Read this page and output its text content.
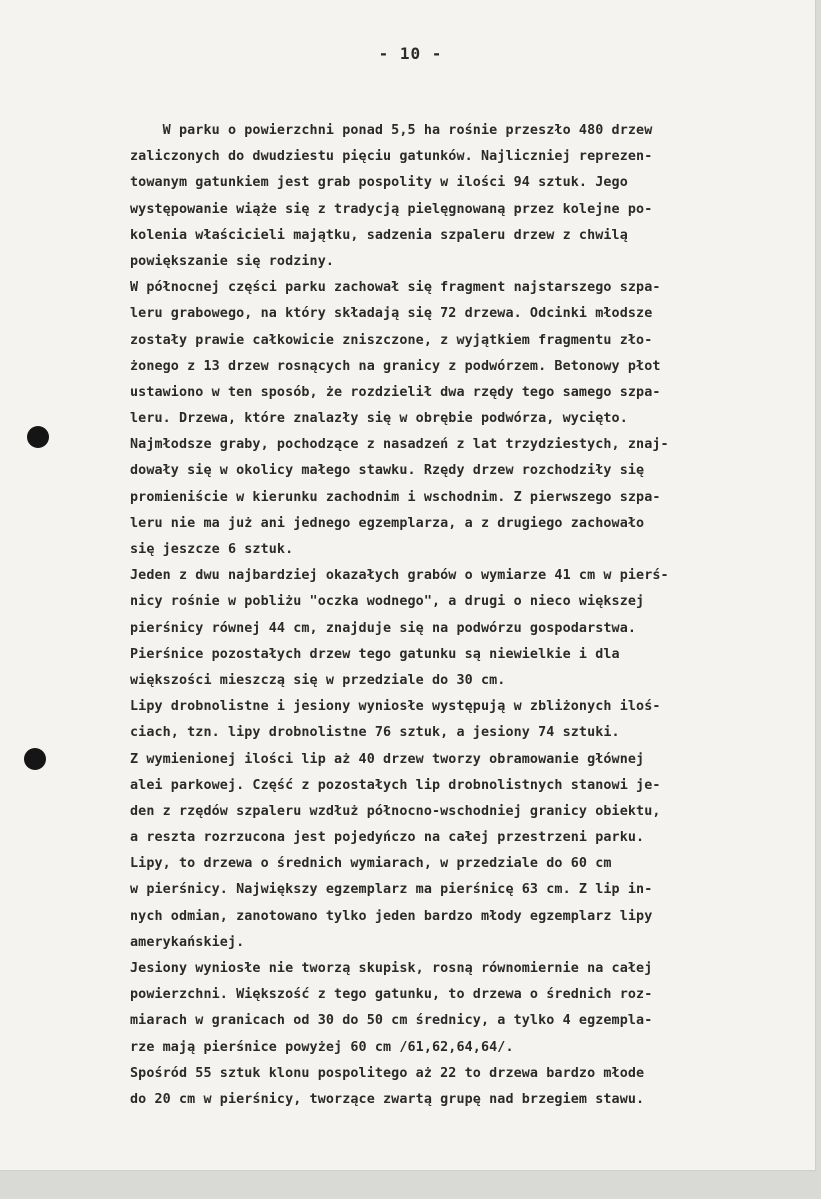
- 10 -
W parku o powierzchni ponad 5,5 ha rośnie przeszło 480 drzew
zaliczonych do dwudziestu pięciu gatunków. Najliczniej reprezen-
towanym gatunkiem jest grab pospolity w ilości 94 sztuk. Jego
występowanie wiąże się z tradycją pielęgnowaną przez kolejne po-
kolenia właścicieli majątku, sadzenia szpaleru drzew z chwilą
powiększanie się rodziny.
W północnej części parku zachował się fragment najstarszego szpa-
leru grabowego, na który składają się 72 drzewa. Odcinki młodsze
zostały prawie całkowicie zniszczone, z wyjątkiem fragmentu zło-
żonego z 13 drzew rosnących na granicy z podwórzem. Betonowy płot
ustawiono w ten sposób, że rozdzielił dwa rzędy tego samego szpa-
leru. Drzewa, które znalazły się w obrębie podwórza, wycięto.
Najmłodsze graby, pochodzące z nasadzeń z lat trzydziestych, znaj-
dowały się w okolicy małego stawku. Rzędy drzew rozchodziły się
promieniście w kierunku zachodnim i wschodnim. Z pierwszego szpa-
leru nie ma już ani jednego egzemplarza, a z drugiego zachowało
się jeszcze 6 sztuk.
Jeden z dwu najbardziej okazałych grabów o wymiarze 41 cm w pierś-
nicy rośnie w pobliżu "oczka wodnego", a drugi o nieco większej
pierśnicy równej 44 cm, znajduje się na podwórzu gospodarstwa.
Pierśnice pozostałych drzew tego gatunku są niewielkie i dla
większości mieszczą się w przedziale do 30 cm.
Lipy drobnolistne i jesiony wyniosłe występują w zbliżonych iloś-
ciach, tzn. lipy drobnolistne 76 sztuk, a jesiony 74 sztuki.
Z wymienionej ilości lip aż 40 drzew tworzy obramowanie głównej
alei parkowej. Część z pozostałych lip drobnolistnych stanowi je-
den z rzędów szpaleru wzdłuż północno-wschodniej granicy obiektu,
a reszta rozrzucona jest pojedyńczo na całej przestrzeni parku.
Lipy, to drzewa o średnich wymiarach, w przedziale do 60 cm
w pierśnicy. Największy egzemplarz ma pierśnicę 63 cm. Z lip in-
nych odmian, zanotowano tylko jeden bardzo młody egzemplarz lipy
amerykańskiej.
Jesiony wyniosłe nie tworzą skupisk, rosną równomiernie na całej
powierzchni. Większość z tego gatunku, to drzewa o średnich roz-
miarach w granicach od 30 do 50 cm średnicy, a tylko 4 egzempla-
rze mają pierśnice powyżej 60 cm /61,62,64,64/.
Spośród 55 sztuk klonu pospolitego aż 22 to drzewa bardzo młode
do 20 cm w pierśnicy, tworzące zwartą grupę nad brzegiem stawu.
